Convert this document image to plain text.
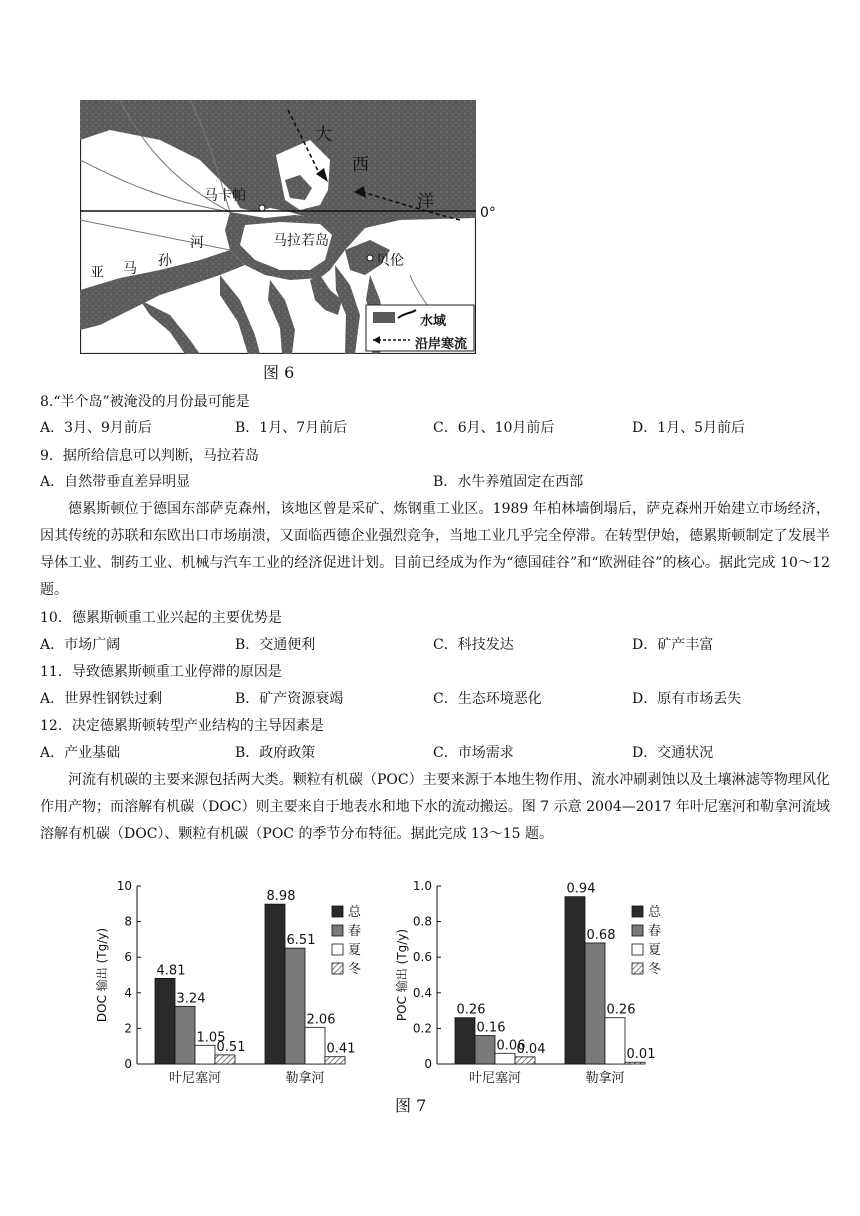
大
西
洋
马卡帕
马拉若岛
贝伦
亚 马 孙
河
0°
水域
沿岸寒流
图 6
8.“半个岛”被淹没的月份最可能是
A．3月、9月前后	B．1月、7月前后	C．6月、10月前后	D．1月、5月前后
9．据所给信息可以判断，马拉若岛
A．自然带垂直差异明显	B．水牛养殖固定在西部
德累斯顿位于德国东部萨克森州，该地区曾是采矿、炼钢重工业区。1989 年柏林墙倒塌后，萨克森州开始建立市场经济，因其传统的苏联和东欧出口市场崩溃，又面临西德企业强烈竞争，当地工业几乎完全停滞。在转型伊始，德累斯顿制定了发展半导体工业、制药工业、机械与汽车工业的经济促进计划。目前已经成为作为“德国硅谷”和“欧洲硅谷”的核心。据此完成 10～12 题。
10．德累斯顿重工业兴起的主要优势是
A．市场广阔	B．交通便利	C．科技发达	D．矿产丰富
11．导致德累斯顿重工业停滞的原因是
A．世界性钢铁过剩	B．矿产资源衰竭	C．生态环境恶化	D．原有市场丢失
12．决定德累斯顿转型产业结构的主导因素是
A．产业基础	B．政府政策	C．市场需求	D．交通状况
河流有机碳的主要来源包括两大类。颗粒有机碳（POC）主要来源于本地生物作用、流水冲刷剥蚀以及土壤淋滤等物理风化作用产物；而溶解有机碳（DOC）则主要来自于地表水和地下水的流动搬运。图 7 示意 2004—2017 年叶尼塞河和勒拿河流域溶解有机碳（DOC）、颗粒有机碳（POC 的季节分布特征。据此完成 13～15 题。
0
2
4
6
8
10
DOC 输出 (Tg/y)	4.81
3.24
1.05
0.51
叶尼塞河
8.98
6.51
2.06
0.41
勒拿河
总
春
夏
冬
0
0.2
0.4
0.6
0.8
1.0
POC 输出 (Tg/y)	0.26
0.16
0.06
0.04
叶尼塞河
0.94
0.68
0.26
0.01
勒拿河
总
春
夏
冬
图 7
